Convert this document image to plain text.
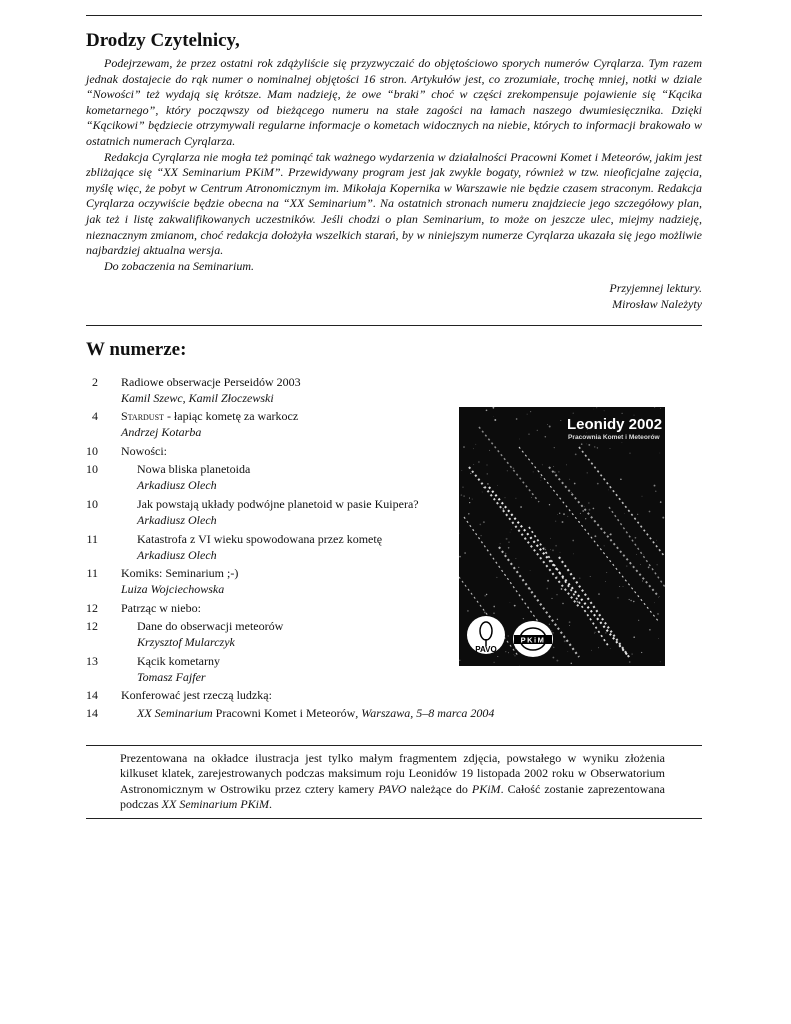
Drodzy Czytelnicy,

Podejrzewam, że przez ostatni rok zdążyliście się przyzwyczaić do objętościowo sporych numerów Cyrqlarza. Tym razem jednak dostajecie do rąk numer o nominalnej objętości 16 stron. Artykułów jest, co zrozumiałe, trochę mniej, notki w dziale “Nowości” też wydają się krótsze. Mam nadzieję, że owe “braki” choć w części zrekompensuje pojawienie się “Kącika kometarnego”, który począwszy od bieżącego numeru na stałe zagości na łamach naszego dwumiesięcznika. Dzięki “Kącikowi” będziecie otrzymywali regularne informacje o kometach widocznych na niebie, których to informacji brakowało w ostatnich numerach Cyrqlarza.

Redakcja Cyrqlarza nie mogła też pominąć tak ważnego wydarzenia w działalności Pracowni Komet i Meteorów, jakim jest zbliżające się “XX Seminarium PKiM”. Przewidywany program jest jak zwykle bogaty, również w tzw. nieoficjalne zajęcia, myślę więc, że pobyt w Centrum Atronomicznym im. Mikołaja Kopernika w Warszawie nie będzie czasem straconym. Redakcja Cyrqlarza oczywiście będzie obecna na “XX Seminarium”. Na ostatnich stronach numeru znajdziecie jego szczegółowy plan, jak też i listę zakwalifikowanych uczestników. Jeśli chodzi o plan Seminarium, to może on jeszcze ulec, miejmy nadzieję, nieznacznym zmianom, choć redakcja dołożyła wszelkich starań, by w niniejszym numerze Cyrqlarza ukazała się jego możliwie najbardziej aktualna wersja.

Do zobaczenia na Seminarium.

Przyjemnej lektury.
Mirosław Należyty
W numerze:
2 Radiowe obserwacje Perseidów 2003
Kamil Szewc, Kamil Złoczewski
4 Stardust - łapiąc kometę za warkocz
Andrzej Kotarba
10 Nowości:
10	Nowa bliska planetoida
Arkadiusz Olech
10	Jak powstają układy podwójne planetoid w pasie Kuipera?
Arkadiusz Olech
11	Katastrofa z VI wieku spowodowana przez kometę
Arkadiusz Olech
11 Komiks: Seminarium ;-)
Luiza Wojciechowska
12 Patrząc w niebo:
12	Dane do obserwacji meteorów
Krzysztof Mularczyk
13	Kącik kometarny
Tomasz Fajfer
14 Konferować jest rzeczą ludzką:
14	XX Seminarium Pracowni Komet i Meteorów, Warszawa, 5–8 marca 2004
Leonidy 2002
Pracownia Komet i Meteorów
PAVO
PKiM
Prezentowana na okładce ilustracja jest tylko małym fragmentem zdjęcia, powstałego w wyniku złożenia kilkuset klatek, zarejestrowanych podczas maksimum roju Leonidów 19 listopada 2002 roku w Obserwatorium Astronomicznym w Ostrowiku przez cztery kamery PAVO należące do PKiM. Całość zostanie zaprezentowana podczas XX Seminarium PKiM.
